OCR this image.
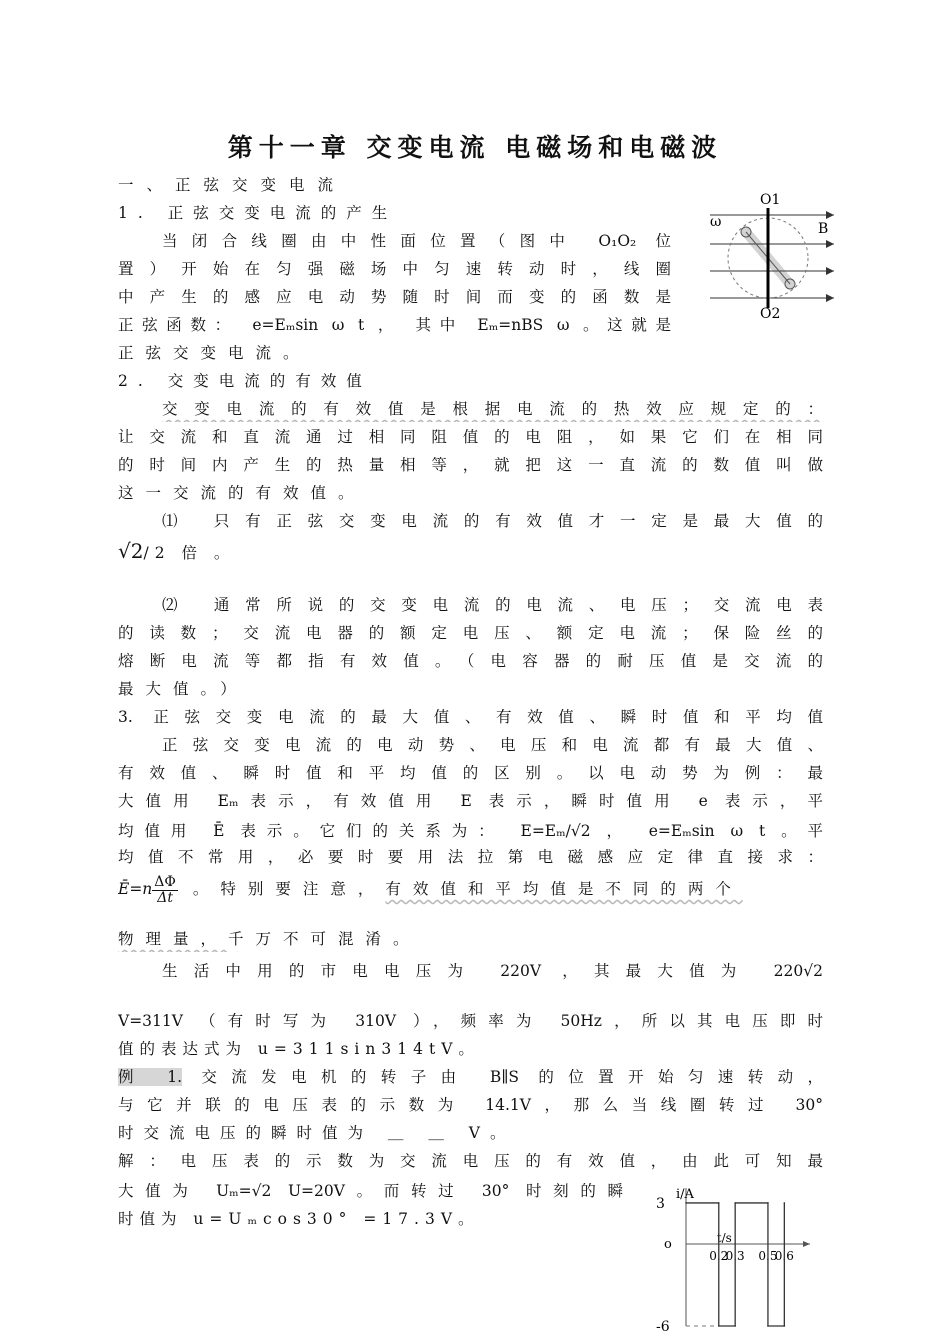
第十一章 交变电流 电磁场和电磁波
一、正弦交变电流
1. 正弦交变电流的产生
当闭合线圈由中性面位置（图中 O₁O₂ 位
置）开始在匀强磁场中匀速转动时，线圈
中产生的感应电动势随时间而变的函数是
正弦函数： e=Eₘsin ω t ， 其中 Eₘ=nBS ω 。这就是
正弦交变电流。
O1
O2
ω	B
2. 交变电流的有效值
交变电流的有效值是根据电流的热效应规定的：
让交流和直流通过相同阻值的电阻，如果它们在相同
的时间内产生的热量相等，就把这一直流的数值叫做
这一交流的有效值。
⑴ 只有正弦交变电流的有效值才一定是最大值的
√2/2 倍 。
⑵ 通常所说的交变电流的电流、电压；交流电表
的读数；交流电器的额定电压、额定电流；保险丝的
熔断电流等都指有效值。（电容器的耐压值是交流的
最大值。）
3. 正弦交变电流的最大值、有效值、瞬时值和平均值
正弦交变电流的电动势、电压和电流都有最大值、
有效值、瞬时值和平均值的区别。以电动势为例：最
大值用 Eₘ表示，有效值用 E 表示，瞬时值用 e 表示，平
均值用 Ē 表示。它们的关系为： E=Eₘ/√2 ， e=Eₘsin ω t 。平
均值不常用，必要时要用法拉第电磁感应定律直接求：
Ē=n $\frac{\Delta\Phi}{\Delta t}$ 。特别要注意，有效值和平均值是不同的两个
物理量，千万不可混淆。
生活中用的市电电压为 220V ，其最大值为 220√2
V=311V （有时写为 310V ），频率为 50Hz，所以其电压即时
值的表达式为 u=311sin314tV。
例 1. 交流发电机的转子由 B∥S 的位置开始匀速转动，
与它并联的电压表的示数为 14.1V，那么当线圈转过 30°
时交流电压的瞬时值为 ＿ ＿ V。
解：电压表的示数为交流电压的有效值，由此可知最
大值为 Uₘ=√2 U=20V。而转过 30° 时刻的瞬
时值为 u=Uₘcos30° =17.3V。
i/A
t/s
o
3
-6
0.2
0.3 0.5
0.6
